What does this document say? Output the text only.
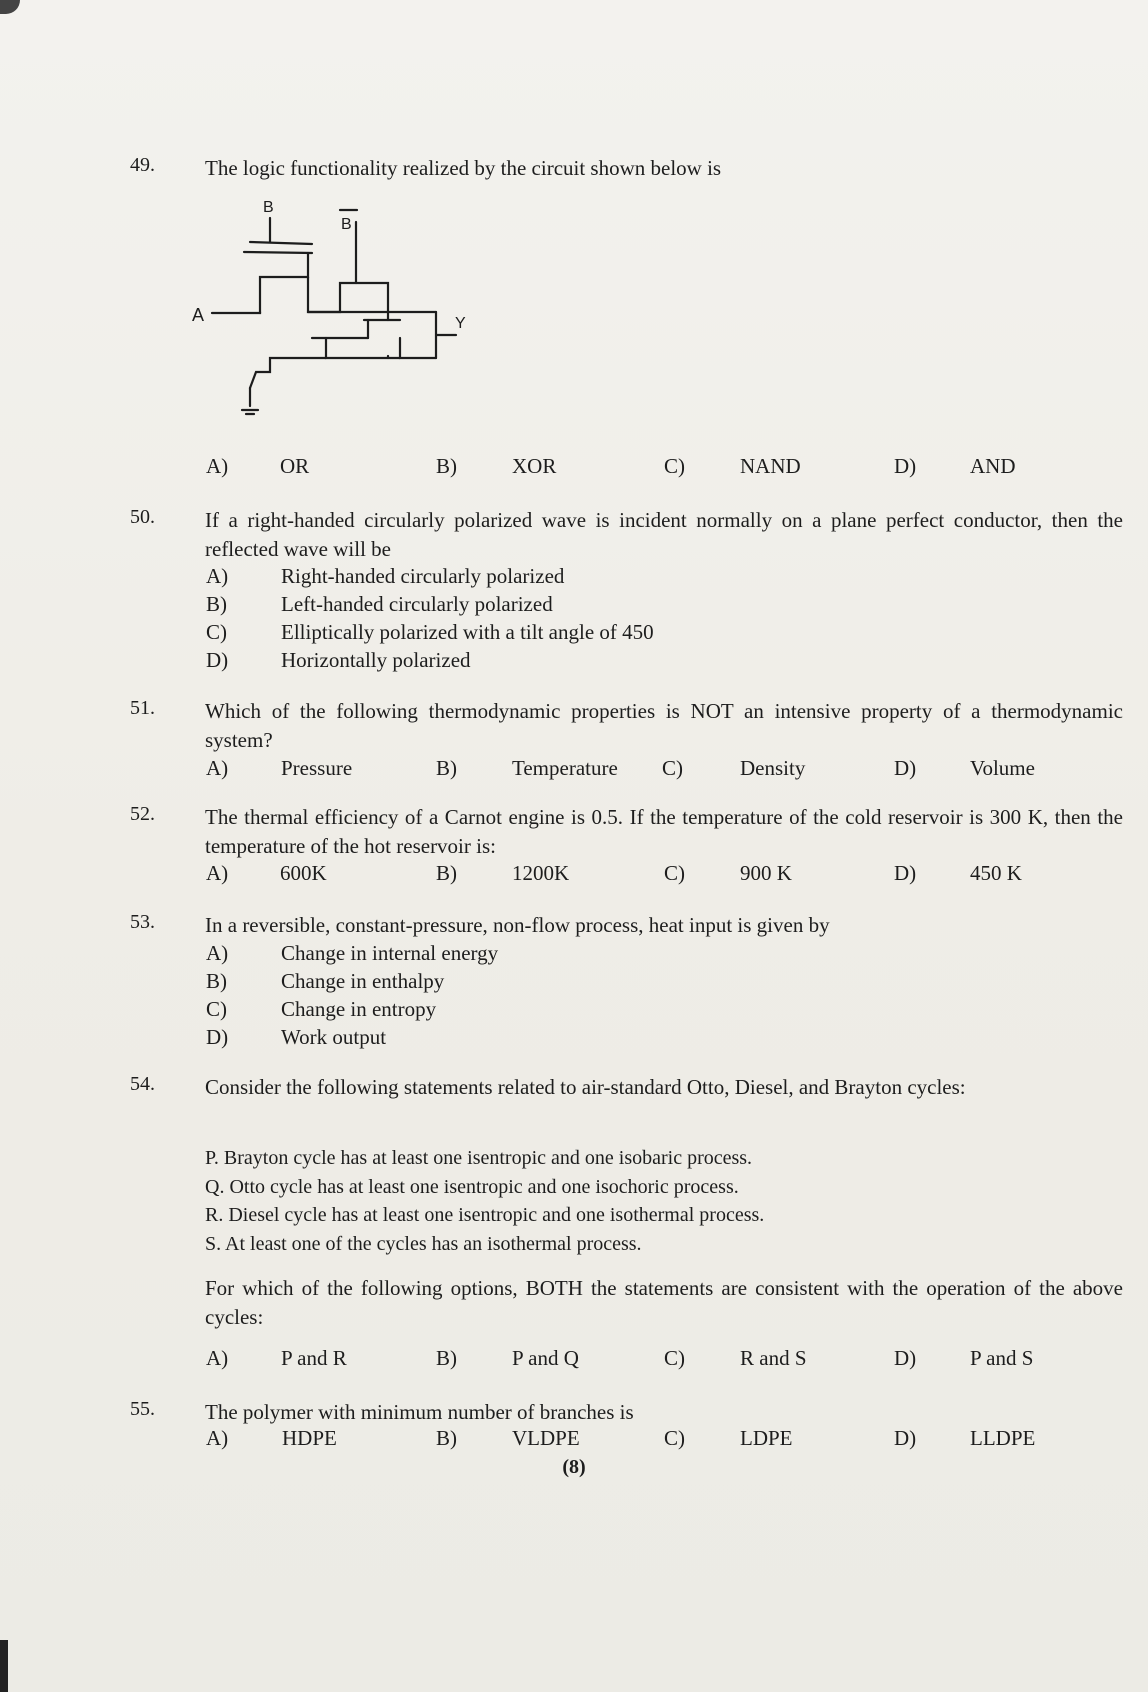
49. The logic functionality realized by the circuit shown below is
B
B
A	Y
A) OR	B)	XOR	C)	NAND	D)	AND
50. If a right-handed circularly polarized wave is incident normally on a plane perfect conductor, then the reflected wave will be
A)	Right-handed circularly polarized
B)	Left-handed circularly polarized
C)	Elliptically polarized with a tilt angle of 450
D)	Horizontally polarized
51. Which of the following thermodynamic properties is NOT an intensive property of a thermodynamic system?
A)	Pressure	B)	Temperature C)	Density	D)	Volume
52. The thermal efficiency of a Carnot engine is 0.5. If the temperature of the cold reservoir is 300 K, then the temperature of the hot reservoir is:
A) 600K	B)	1200K	C)	900 K	D)	450 K
53. In a reversible, constant-pressure, non-flow process, heat input is given by
A)	Change in internal energy
B)	Change in enthalpy
C)	Change in entropy
D)	Work output
54. Consider the following statements related to air-standard Otto, Diesel, and Brayton cycles:
P. Brayton cycle has at least one isentropic and one isobaric process.
Q. Otto cycle has at least one isentropic and one isochoric process.
R. Diesel cycle has at least one isentropic and one isothermal process.
S. At least one of the cycles has an isothermal process.
For which of the following options, BOTH the statements are consistent with the operation of the above cycles:
A)	P and R	B)	P and Q	C)	R and S	D)	P and S
55. The polymer with minimum number of branches is
A)	HDPE	B)	VLDPE	C)	LDPE	D)	LLDPE
(8)
